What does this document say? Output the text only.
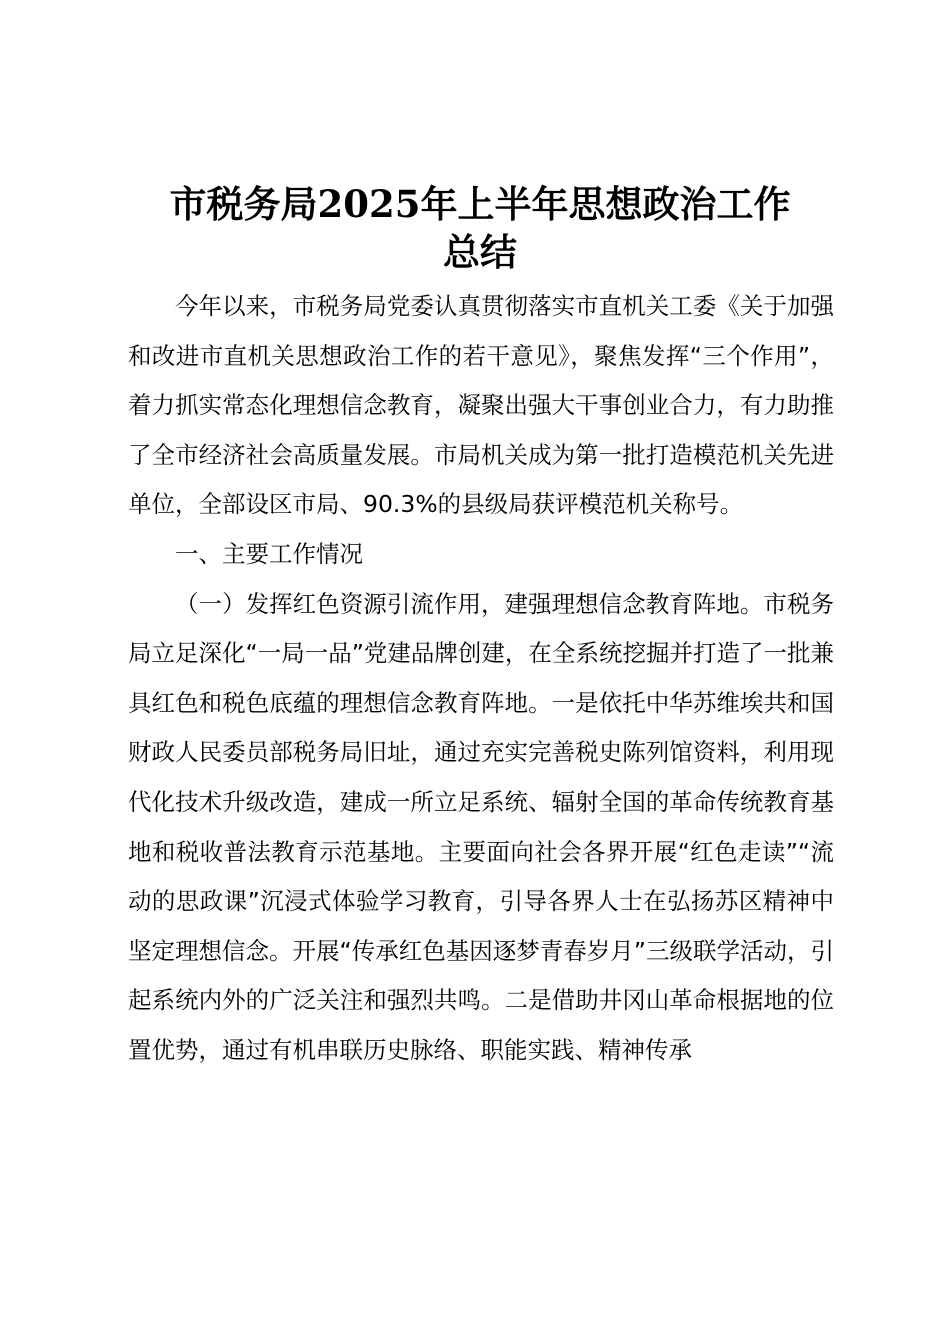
市税务局2025年上半年思想政治工作
总结

今年以来，市税务局党委认真贯彻落实市直机关工委《关于加强和改进市直机关思想政治工作的若干意见》，聚焦发挥“三个作用”，着力抓实常态化理想信念教育，凝聚出强大干事创业合力，有力助推了全市经济社会高质量发展。市局机关成为第一批打造模范机关先进单位，全部设区市局、90.3%的县级局获评模范机关称号。

一、主要工作情况

（一）发挥红色资源引流作用，建强理想信念教育阵地。市税务局立足深化“一局一品”党建品牌创建，在全系统挖掘并打造了一批兼具红色和税色底蕴的理想信念教育阵地。一是依托中华苏维埃共和国财政人民委员部税务局旧址，通过充实完善税史陈列馆资料，利用现代化技术升级改造，建成一所立足系统、辐射全国的革命传统教育基地和税收普法教育示范基地。主要面向社会各界开展“红色走读”“流动的思政课”沉浸式体验学习教育，引导各界人士在弘扬苏区精神中坚定理想信念。开展“传承红色基因逐梦青春岁月”三级联学活动，引起系统内外的广泛关注和强烈共鸣。二是借助井冈山革命根据地的位置优势，通过有机串联历史脉络、职能实践、精神传承
